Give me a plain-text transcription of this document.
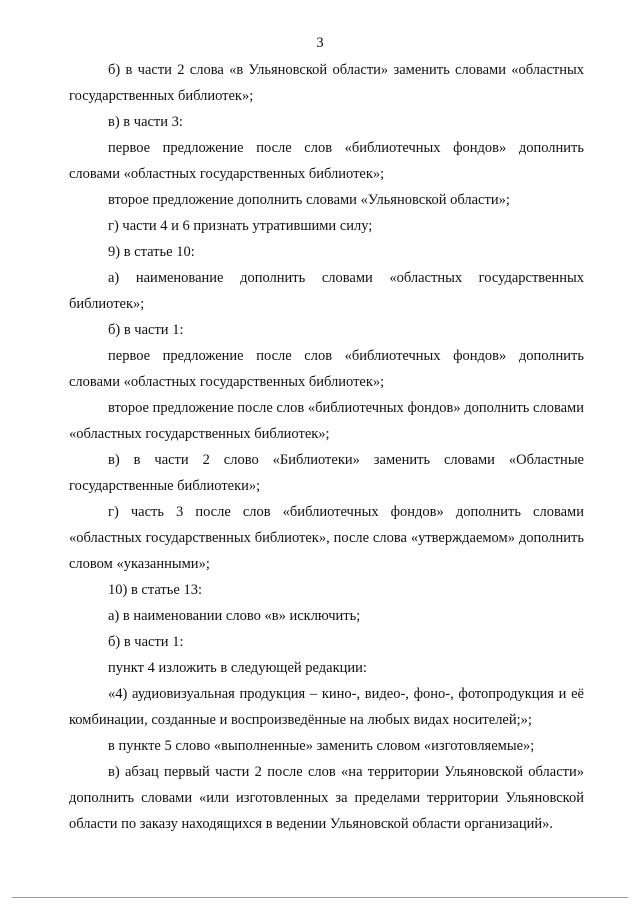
3

б) в части 2 слова «в Ульяновской области» заменить словами «областных государственных библиотек»;

в) в части 3:

первое предложение после слов «библиотечных фондов» дополнить словами «областных государственных библиотек»;

второе предложение дополнить словами «Ульяновской области»;

г) части 4 и 6 признать утратившими силу;

9) в статье 10:

а) наименование дополнить словами «областных государственных библиотек»;

б) в части 1:

первое предложение после слов «библиотечных фондов» дополнить словами «областных государственных библиотек»;

второе предложение после слов «библиотечных фондов» дополнить словами «областных государственных библиотек»;

в) в части 2 слово «Библиотеки» заменить словами «Областные государственные библиотеки»;

г) часть 3 после слов «библиотечных фондов» дополнить словами «областных государственных библиотек», после слова «утверждаемом» дополнить словом «указанными»;

10) в статье 13:

а) в наименовании слово «в» исключить;

б) в части 1:

пункт 4 изложить в следующей редакции:

«4) аудиовизуальная продукция – кино-, видео-, фоно-, фотопродукция и её комбинации, созданные и воспроизведённые на любых видах носителей;»;

в пункте 5 слово «выполненные» заменить словом «изготовляемые»;

в) абзац первый части 2 после слов «на территории Ульяновской области» дополнить словами «или изготовленных за пределами территории Ульяновской области по заказу находящихся в ведении Ульяновской области организаций».
